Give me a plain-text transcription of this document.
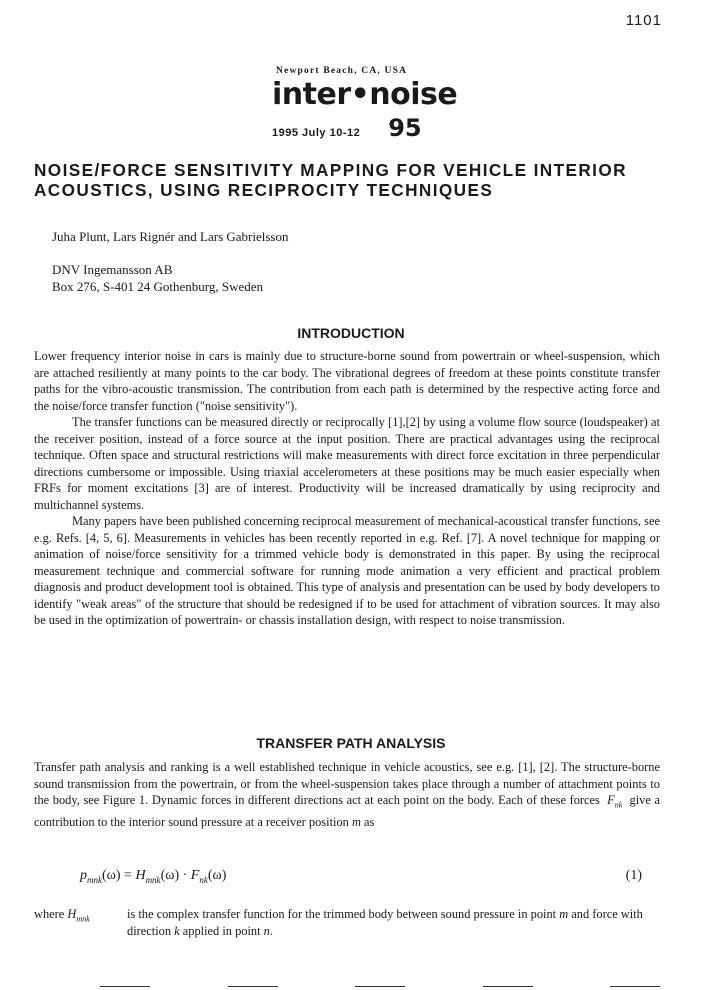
1101
Newport Beach, CA, USA
inter•noise
1995 July 10-12 95
NOISE/FORCE SENSITIVITY MAPPING FOR VEHICLE INTERIOR
ACOUSTICS, USING RECIPROCITY TECHNIQUES
Juha Plunt, Lars Rignér and Lars Gabrielsson
DNV Ingemansson AB
Box 276, S-401 24 Gothenburg, Sweden
INTRODUCTION

Lower frequency interior noise in cars is mainly due to structure-borne sound from powertrain or wheel-suspension, which are attached resiliently at many points to the car body. The vibrational degrees of freedom at these points constitute transfer paths for the vibro-acoustic transmission. The contribution from each path is determined by the respective acting force and the noise/force transfer function ("noise sensitivity").

The transfer functions can be measured directly or reciprocally [1],[2] by using a volume flow source (loudspeaker) at the receiver position, instead of a force source at the input position. There are practical advantages using the reciprocal technique. Often space and structural restrictions will make measurements with direct force excitation in three perpendicular directions cumbersome or impossible. Using triaxial accelerometers at these positions may be much easier especially when FRFs for moment excitations [3] are of interest. Productivity will be increased dramatically by using reciprocity and multichannel systems.

Many papers have been published concerning reciprocal measurement of mechanical-acoustical transfer functions, see e.g. Refs. [4, 5, 6]. Measurements in vehicles has been recently reported in e.g. Ref. [7]. A novel technique for mapping or animation of noise/force sensitivity for a trimmed vehicle body is demonstrated in this paper. By using the reciprocal measurement technique and commercial software for running mode animation a very efficient and practical problem diagnosis and product development tool is obtained. This type of analysis and presentation can be used by body developers to identify "weak areas" of the structure that should be redesigned if to be used for attachment of vibration sources. It may also be used in the optimization of powertrain- or chassis installation design, with respect to noise transmission.

TRANSFER PATH ANALYSIS

Transfer path analysis and ranking is a well established technique in vehicle acoustics, see e.g. [1], [2]. The structure-borne sound transmission from the powertrain, or from the wheel-suspension takes place through a number of attachment points to the body, see Figure 1. Dynamic forces in different directions act at each point on the body. Each of these forces $F_{nk}$ give a contribution to the interior sound pressure at a receiver position m as

$p_{mnk}(\omega) = H_{mnk}(\omega) \cdot F_{nk}(\omega)$	(1)
where $H_{mnk}$	is the complex transfer function for the trimmed body between sound pressure in point m and force with direction k applied in point n.
